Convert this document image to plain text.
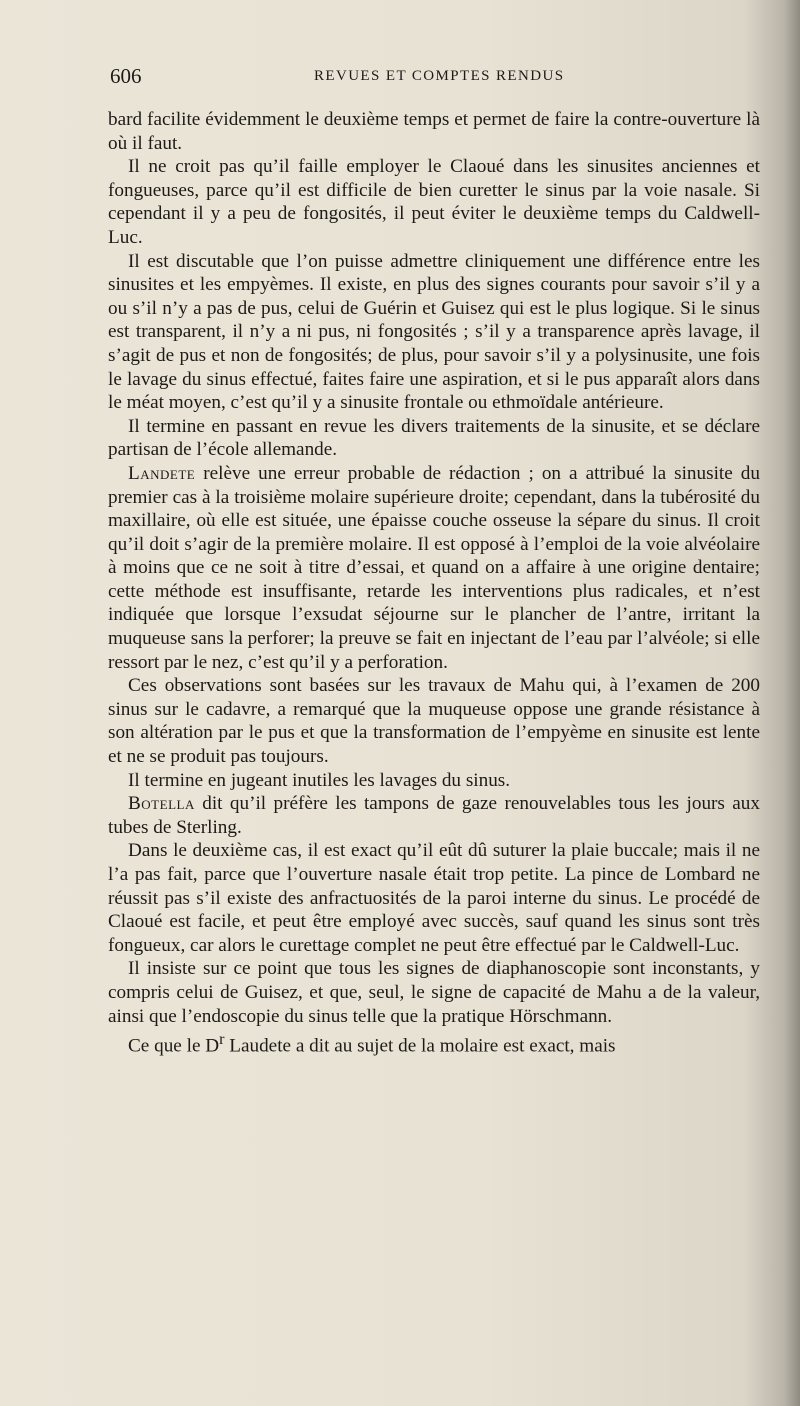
606	REVUES ET COMPTES RENDUS

bard facilite évidemment le deuxième temps et permet de faire la contre-ouverture là où il faut.

Il ne croit pas qu’il faille employer le Claoué dans les sinusites anciennes et fongueuses, parce qu’il est difficile de bien curetter le sinus par la voie nasale. Si cependant il y a peu de fongosités, il peut éviter le deuxième temps du Caldwell-Luc.

Il est discutable que l’on puisse admettre cliniquement une différence entre les sinusites et les empyèmes. Il existe, en plus des signes courants pour savoir s’il y a ou s’il n’y a pas de pus, celui de Guérin et Guisez qui est le plus logique. Si le sinus est transparent, il n’y a ni pus, ni fongosités ; s’il y a transparence après lavage, il s’agit de pus et non de fongosités; de plus, pour savoir s’il y a polysinusite, une fois le lavage du sinus effectué, faites faire une aspiration, et si le pus apparaît alors dans le méat moyen, c’est qu’il y a sinusite frontale ou ethmoïdale antérieure.

Il termine en passant en revue les divers traitements de la sinusite, et se déclare partisan de l’école allemande.

Landete relève une erreur probable de rédaction ; on a attribué la sinusite du premier cas à la troisième molaire supérieure droite; cependant, dans la tubérosité du maxillaire, où elle est située, une épaisse couche osseuse la sépare du sinus. Il croit qu’il doit s’agir de la première molaire. Il est opposé à l’emploi de la voie alvéolaire à moins que ce ne soit à titre d’essai, et quand on a affaire à une origine dentaire; cette méthode est insuffisante, retarde les interventions plus radicales, et n’est indiquée que lorsque l’exsudat séjourne sur le plancher de l’antre, irritant la muqueuse sans la perforer; la preuve se fait en injectant de l’eau par l’alvéole; si elle ressort par le nez, c’est qu’il y a perforation.

Ces observations sont basées sur les travaux de Mahu qui, à l’examen de 200 sinus sur le cadavre, a remarqué que la muqueuse oppose une grande résistance à son altération par le pus et que la transformation de l’empyème en sinusite est lente et ne se produit pas toujours.

Il termine en jugeant inutiles les lavages du sinus.

Botella dit qu’il préfère les tampons de gaze renouvelables tous les jours aux tubes de Sterling.

Dans le deuxième cas, il est exact qu’il eût dû suturer la plaie buccale; mais il ne l’a pas fait, parce que l’ouverture nasale était trop petite. La pince de Lombard ne réussit pas s’il existe des anfractuosités de la paroi interne du sinus. Le procédé de Claoué est facile, et peut être employé avec succès, sauf quand les sinus sont très fongueux, car alors le curettage complet ne peut être effectué par le Caldwell-Luc.

Il insiste sur ce point que tous les signes de diaphanoscopie sont inconstants, y compris celui de Guisez, et que, seul, le signe de capacité de Mahu a de la valeur, ainsi que l’endoscopie du sinus telle que la pratique Hörschmann.

Ce que le $D^r$ Laudete a dit au sujet de la molaire est exact, mais
